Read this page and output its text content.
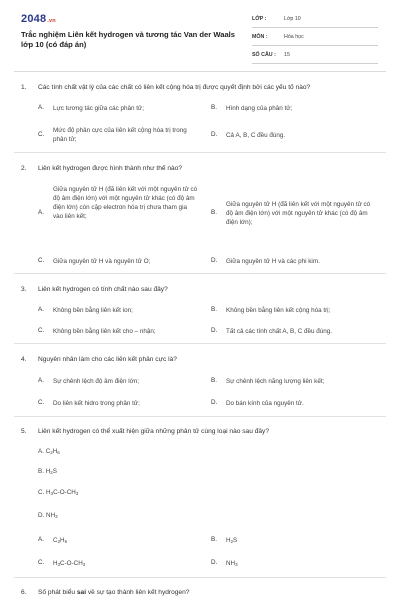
2048.vn
Trắc nghiệm Liên kết hydrogen và tương tác Van der Waals lớp 10 (có đáp án)
LỚP :	Lớp 10
MÔN :	Hóa học
SỐ CÂU : 15
1. Các tính chất vật lý của các chất có liên kết cộng hóa trị được quyết định bởi các yếu tố nào?
A. Lực tương tác giữa các phân tử;	B. Hình dạng của phân tử;
C.
Mức độ phân cực của liên kết cộng hóa trị trong phân tử;
D. Cả A, B, C đều đúng.
2. Liên kết hydrogen được hình thành như thế nào?
A.
Giữa nguyên tử H (đã liên kết với một nguyên tử có độ âm điện lớn) với một nguyên tử khác (có độ âm điện lớn) còn cặp electron hóa trị chưa tham gia vào liên kết;
B.
Giữa nguyên tử H (đã liên kết với một nguyên tử có độ âm điện lớn) với một nguyên tử khác (có độ âm điện lớn);
C. Giữa nguyên tử H và nguyên tử O;	D. Giữa nguyên tử H và các phi kim.
3. Liên kết hydrogen có tính chất nào sau đây?
A. Không bền bằng liên kết ion;	B. Không bền bằng liên kết cộng hóa trị;
C. Không bền bằng liên kết cho – nhận;	D. Tất cả các tính chất A, B, C đều đúng.
4. Nguyên nhân làm cho các liên kết phân cực là?
A. Sự chênh lệch độ âm điện lớn;	B. Sự chênh lệch năng lượng liên kết;
C. Do liên kết hidro trong phân tử;	D. Do bán kính của nguyên tử.
5. Liên kết hydrogen có thể xuất hiện giữa những phân tử cùng loại nào sau đây?
A. $C_2H_6$
B. $H_2S$
C. $H_3C-O-CH_3$
D. $NH_3$
A. $C_2H_6$	B. $H_2S$
C. $H_3C-O-CH_3$	D. $NH_3$
6. Số phát biểu sai về sự tạo thành liên kết hydrogen?
